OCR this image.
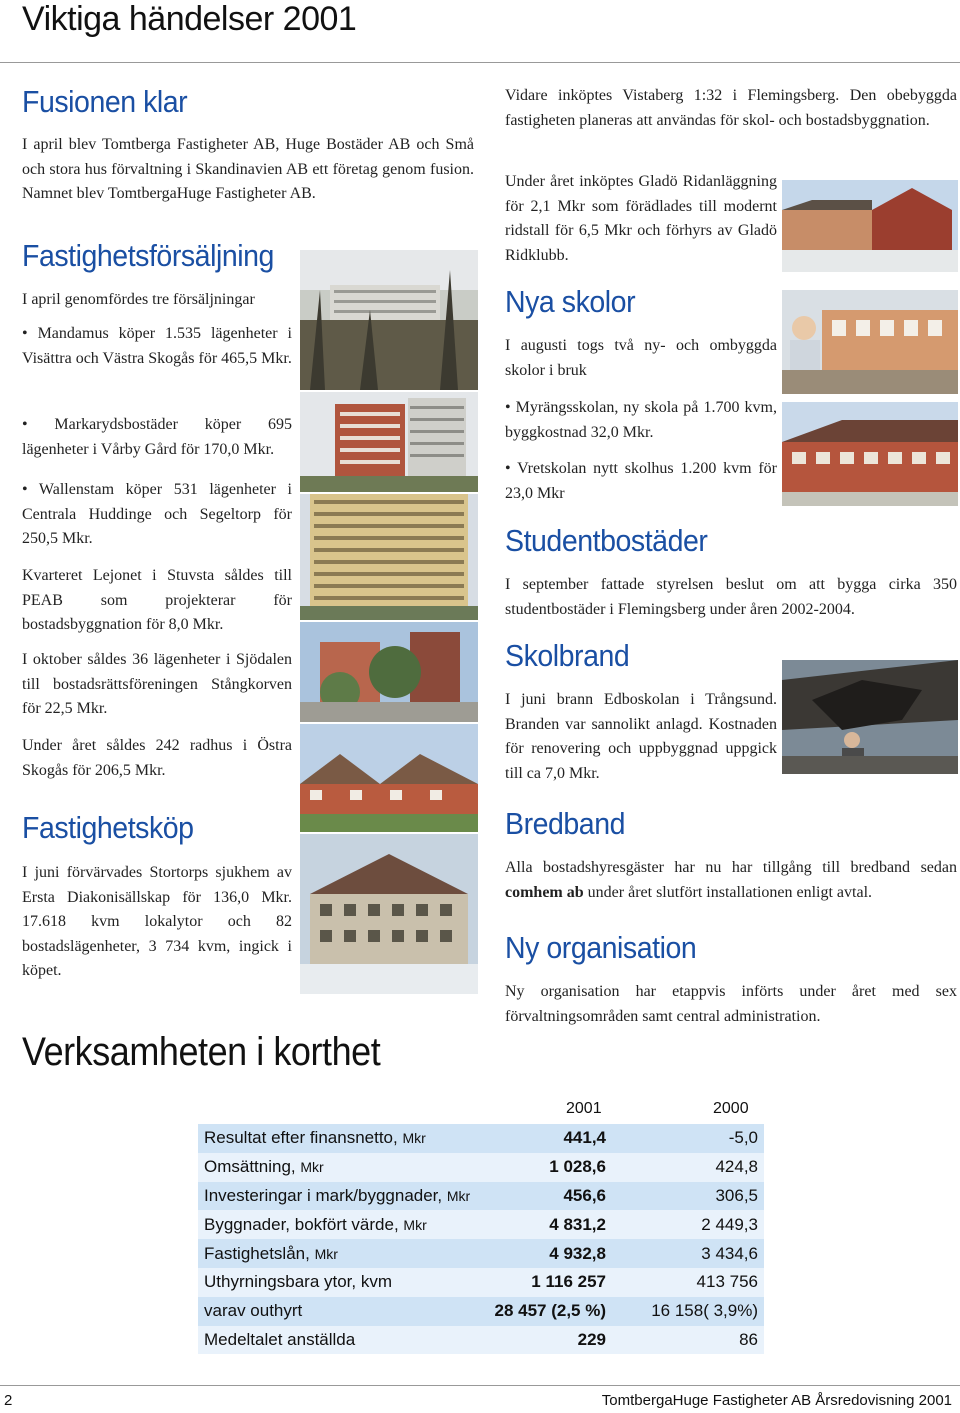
Viktiga händelser 2001
Fusionen klar

I april blev Tomtberga Fastigheter AB, Huge Bostäder AB och Små och stora hus förvaltning i Skandinavien AB ett företag genom fusion. Namnet blev TomtbergaHuge Fastigheter AB.

Fastighetsförsäljning

I april genomfördes tre försäljningar

• Mandamus köper 1.535 lägenheter i Visättra och Västra Skogås för 465,5 Mkr.

• Markarydsbostäder köper 695 lägenheter i Vårby Gård för 170,0 Mkr.

• Wallenstam köper 531 lägenheter i Centrala Huddinge och Segeltorp för 250,5 Mkr.

Kvarteret Lejonet i Stuvsta såldes till PEAB som projekterar för bostadsbyggnation för 8,0 Mkr.

I oktober såldes 36 lägenheter i Sjödalen till bostadsrättsföreningen Stångkorven för 22,5 Mkr.

Under året såldes 242 radhus i Östra Skogås för 206,5 Mkr.

Fastighetsköp

I juni förvärvades Stortorps sjukhem av Ersta Diakonisällskap för 136,0 Mkr. 17.618 kvm lokalytor och 82 bostadslägenheter, 3 734 kvm, ingick i köpet.

Vidare inköptes Vistaberg 1:32 i Flemingsberg. Den obebyggda fastigheten planeras att användas för skol- och bostadsbyggnation.

Under året inköptes Gladö Ridanläggning för 2,1 Mkr som förädlades till modernt ridstall för 6,5 Mkr och förhyrs av Gladö Ridklubb.

Nya skolor

I augusti togs två ny- och ombyggda skolor i bruk

• Myrängsskolan, ny skola på 1.700 kvm, byggkostnad 32,0 Mkr.

• Vretskolan nytt skolhus 1.200 kvm för 23,0 Mkr

Studentbostäder

I september fattade styrelsen beslut om att bygga cirka 350 studentbostäder i Flemingsberg under åren 2002-2004.

Skolbrand

I juni brann Edboskolan i Trångsund. Branden var sannolikt anlagd. Kostnaden för renovering och uppbyggnad uppgick till ca 7,0 Mkr.

Bredband

Alla bostadshyresgäster har nu har tillgång till bredband sedan comhem ab under året slutfört installationen enligt avtal.

Ny organisation

Ny organisation har etappvis införts under året med sex förvaltningsområden samt central administration.

Verksamheten i korthet
2001	2000
Resultat efter finansnetto, Mkr	441,4	-5,0
Omsättning, Mkr	1 028,6	424,8
Investeringar i mark/byggnader, Mkr	456,6	306,5
Byggnader, bokfört värde, Mkr	4 831,2	2 449,3
Fastighetslån, Mkr	4 932,8	3 434,6
Uthyrningsbara ytor, kvm	1 116 257	413 756
varav outhyrt	28 457 (2,5 %)	16 158( 3,9%)
Medeltalet anställda	229	86
2	TomtbergaHuge Fastigheter AB Årsredovisning 2001
